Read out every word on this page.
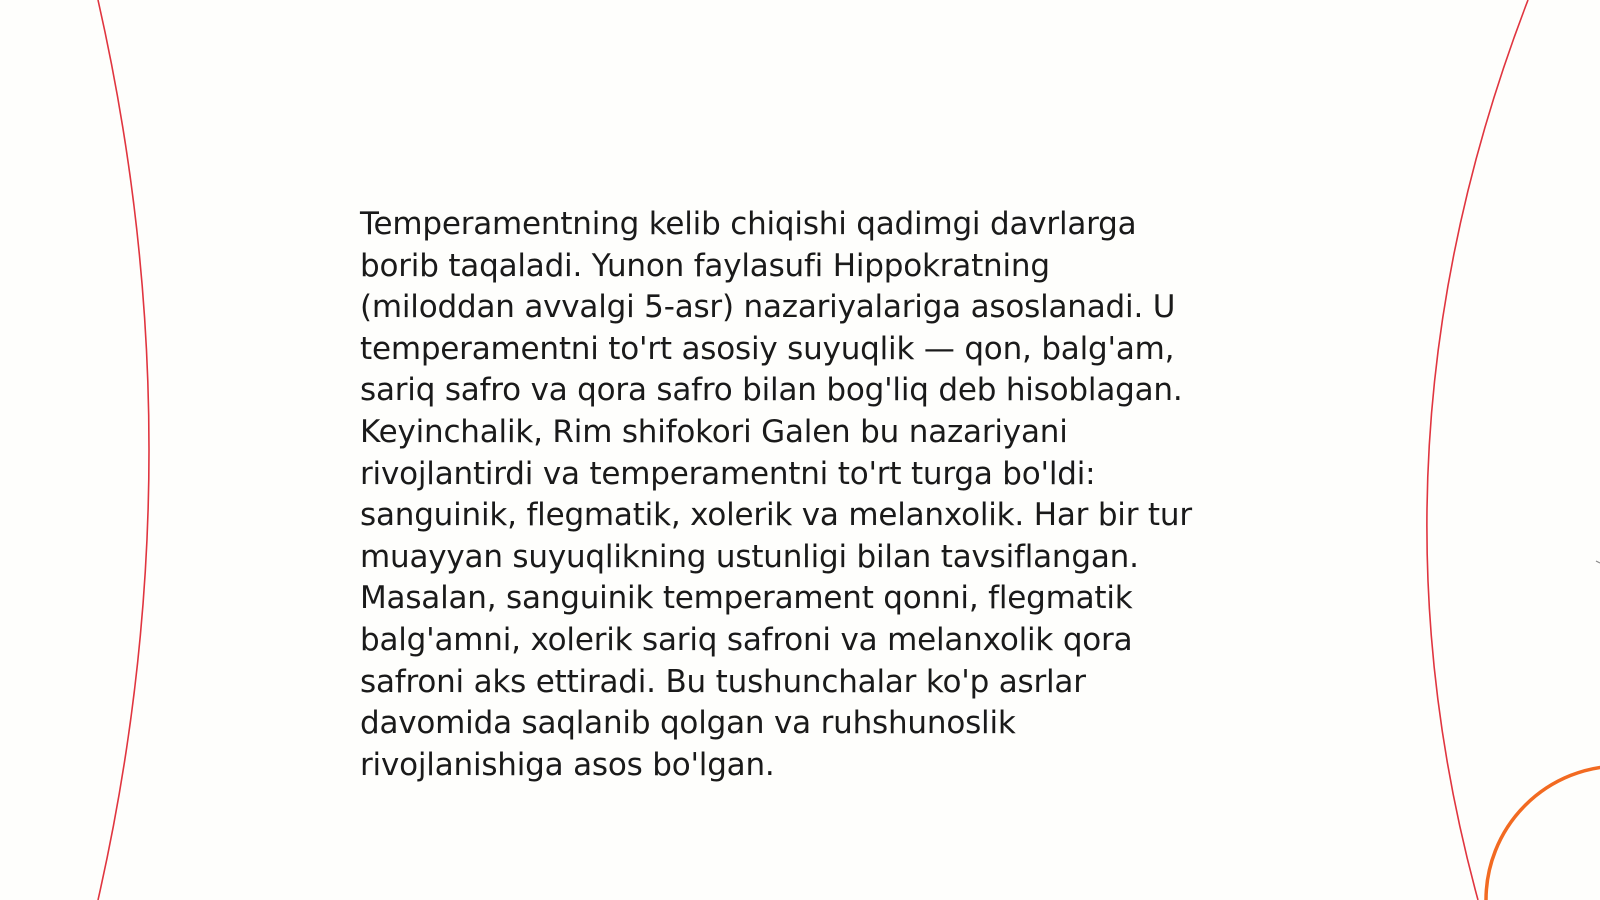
Temperamentning kelib chiqishi qadimgi davrlarga
borib taqaladi. Yunon faylasufi Hippokratning
(miloddan avvalgi 5-asr) nazariyalariga asoslanadi. U
temperamentni to'rt asosiy suyuqlik — qon, balg'am,
sariq safro va qora safro bilan bog'liq deb hisoblagan.
Keyinchalik, Rim shifokori Galen bu nazariyani
rivojlantirdi va temperamentni to'rt turga bo'ldi:
sanguinik, flegmatik, xolerik va melanxolik. Har bir tur
muayyan suyuqlikning ustunligi bilan tavsiflangan.
Masalan, sanguinik temperament qonni, flegmatik
balg'amni, xolerik sariq safroni va melanxolik qora
safroni aks ettiradi. Bu tushunchalar ko'p asrlar
davomida saqlanib qolgan va ruhshunoslik
rivojlanishiga asos bo'lgan.
